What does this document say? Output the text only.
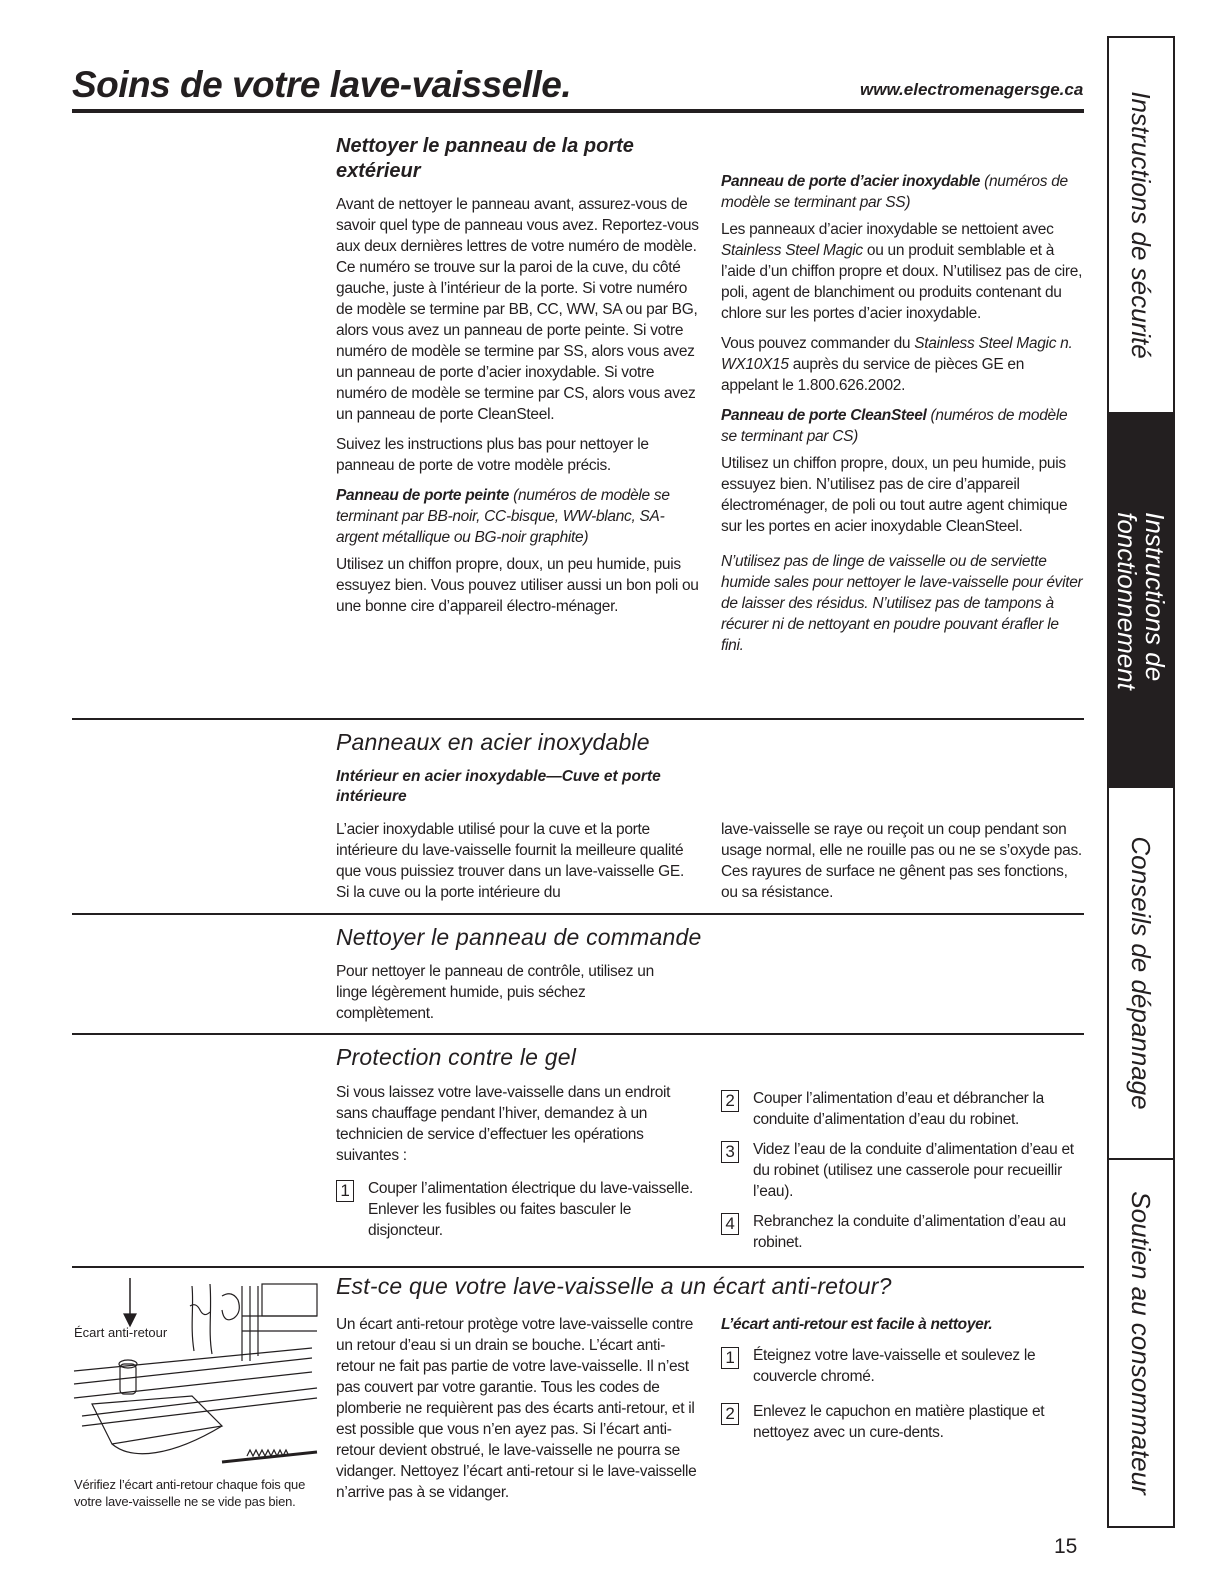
Soins de votre lave-vaisselle.	www.electromenagersge.ca
Instructions de sécurité
Instructions de
fonctionnement
Conseils de dépannage
Soutien au consommateur
Nettoyer le panneau de la porte
extérieur

Avant de nettoyer le panneau avant, assurez-vous de savoir quel type de panneau vous avez. Reportez-vous aux deux dernières lettres de votre numéro de modèle. Ce numéro se trouve sur la paroi de la cuve, du côté gauche, juste à l’intérieur de la porte. Si votre numéro de modèle se termine par BB, CC, WW, SA ou par BG, alors vous avez un panneau de porte peinte. Si votre numéro de modèle se termine par SS, alors vous avez un panneau de porte d’acier inoxydable. Si votre numéro de modèle se termine par CS, alors vous avez un panneau de porte CleanSteel.

Suivez les instructions plus bas pour nettoyer le panneau de porte de votre modèle précis.

Panneau de porte peinte (numéros de modèle se terminant par BB-noir, CC-bisque, WW-blanc, SA-argent métallique ou BG-noir graphite)

Utilisez un chiffon propre, doux, un peu humide, puis essuyez bien. Vous pouvez utiliser aussi un bon poli ou une bonne cire d’appareil électro-ménager.

Panneau de porte d’acier inoxydable (numéros de modèle se terminant par SS)

Les panneaux d’acier inoxydable se nettoient avec Stainless Steel Magic ou un produit semblable et à l’aide d’un chiffon propre et doux. N’utilisez pas de cire, poli, agent de blanchiment ou produits contenant du chlore sur les portes d’acier inoxydable.

Vous pouvez commander du Stainless Steel Magic n. WX10X15 auprès du service de pièces GE en appelant le 1.800.626.2002.

Panneau de porte CleanSteel (numéros de modèle se terminant par CS)

Utilisez un chiffon propre, doux, un peu humide, puis essuyez bien. N’utilisez pas de cire d’appareil électroménager, de poli ou tout autre agent chimique sur les portes en acier inoxydable CleanSteel.

N’utilisez pas de linge de vaisselle ou de serviette humide sales pour nettoyer le lave-vaisselle pour éviter de laisser des résidus. N’utilisez pas de tampons à récurer ni de nettoyant en poudre pouvant érafler le fini.

Panneaux en acier inoxydable
Intérieur en acier inoxydable—Cuve et porte
intérieure
L’acier inoxydable utilisé pour la cuve et la porte intérieure du lave-vaisselle fournit la meilleure qualité que vous puissiez trouver dans un lave-vaisselle GE. Si la cuve ou la porte intérieure du
lave-vaisselle se raye ou reçoit un coup pendant son usage normal, elle ne rouille pas ou ne se s’oxyde pas. Ces rayures de surface ne gênent pas ses fonctions, ou sa résistance.
Nettoyer le panneau de commande
Pour nettoyer le panneau de contrôle, utilisez un linge légèrement humide, puis séchez complètement.
Protection contre le gel

Si vous laissez votre lave-vaisselle dans un endroit sans chauffage pendant l’hiver, demandez à un technicien de service d’effectuer les opérations suivantes :

1 Couper l’alimentation électrique du lave-vaisselle. Enlever les fusibles ou faites basculer le disjoncteur.
2 Couper l’alimentation d’eau et débrancher la conduite d’alimentation d’eau du robinet.
3 Videz l’eau de la conduite d’alimentation d’eau et du robinet (utilisez une casserole pour recueillir l’eau).
4 Rebranchez la conduite d’alimentation d’eau au robinet.
Est-ce que votre lave-vaisselle a un écart anti-retour?
Un écart anti-retour protège votre lave-vaisselle contre un retour d’eau si un drain se bouche. L’écart anti-retour ne fait pas partie de votre lave-vaisselle. Il n’est pas couvert par votre garantie. Tous les codes de plomberie ne requièrent pas des écarts anti-retour, et il est possible que vous n’en ayez pas. Si l’écart anti-retour devient obstrué, le lave-vaisselle ne pourra se vidanger. Nettoyez l’écart anti-retour si le lave-vaisselle n’arrive pas à se vidanger.

L’écart anti-retour est facile à nettoyer.

1 Éteignez votre lave-vaisselle et soulevez le couvercle chromé.
2 Enlevez le capuchon en matière plastique et nettoyez avec un cure-dents.
Écart anti-retour
Vérifiez l’écart anti-retour chaque fois que votre lave-vaisselle ne se vide pas bien.
15
